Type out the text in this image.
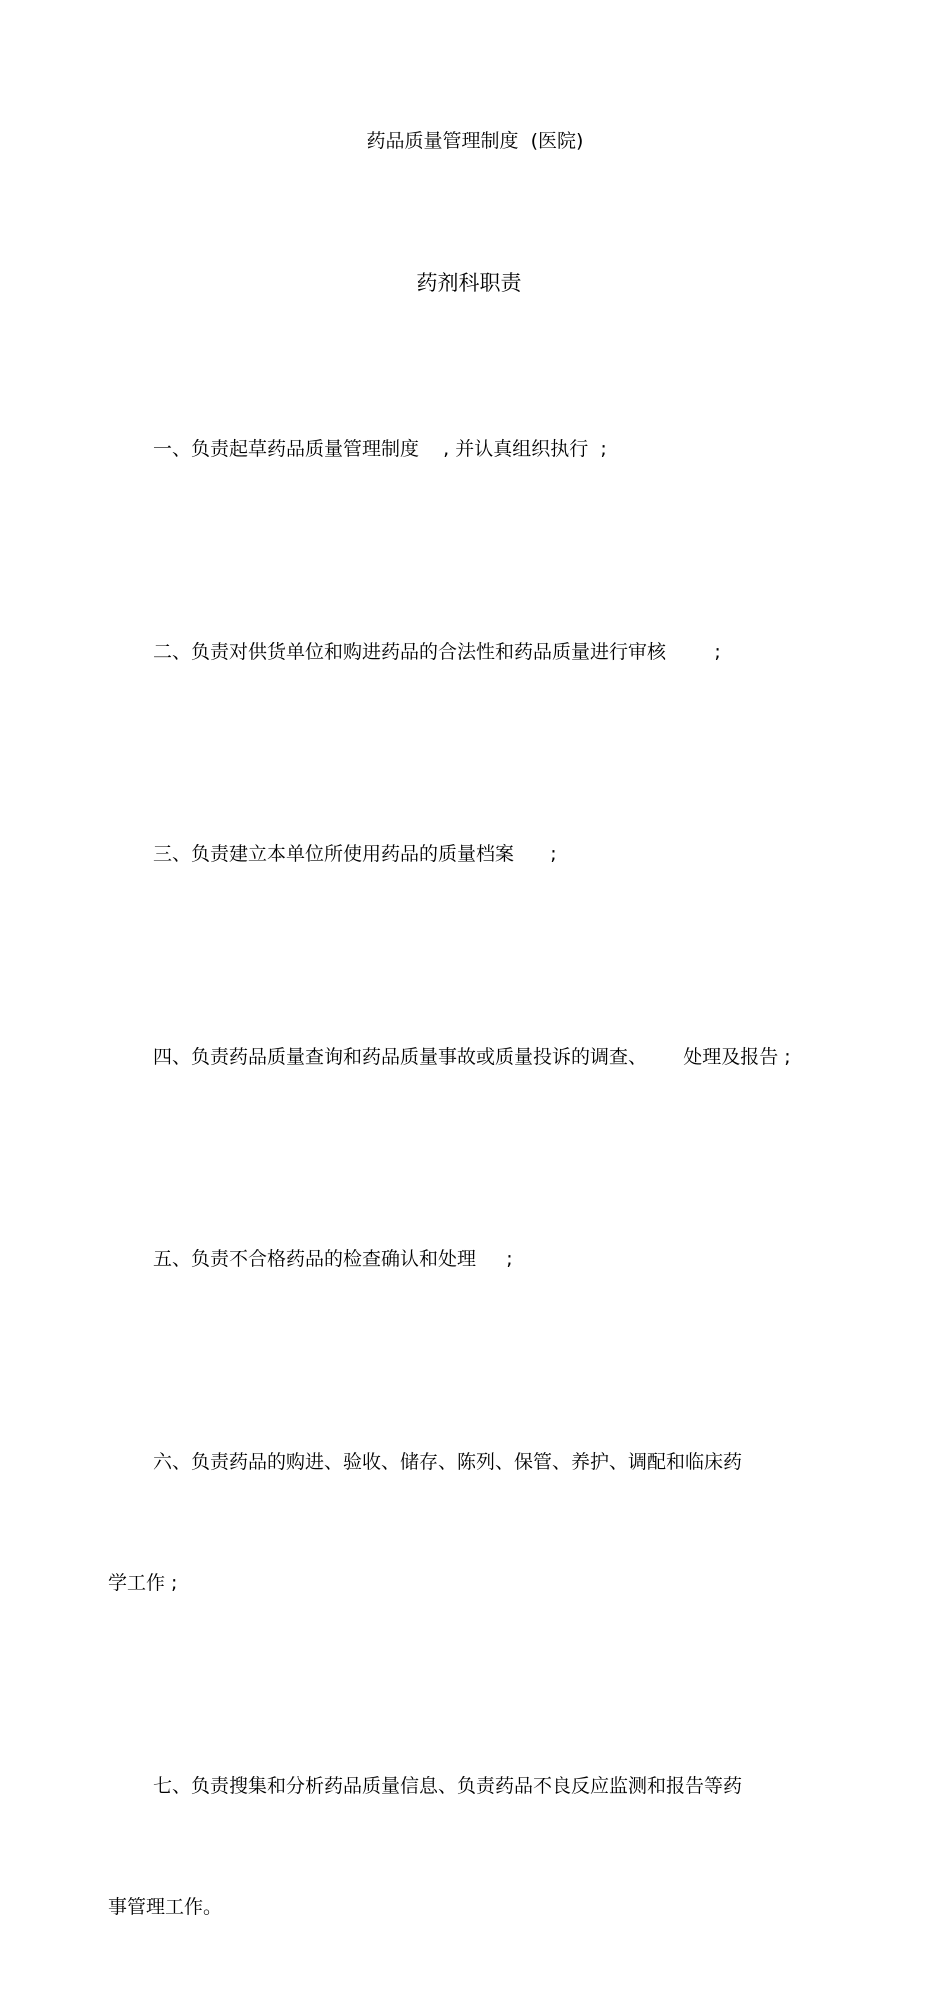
药品质量管理制度  (医院)
药剂科职责

一、负责起草药品质量管理制度    , 并认真组织执行  ;

二、负责对供货单位和购进药品的合法性和药品质量进行审核        ;

三、负责建立本单位所使用药品的质量档案      ;

四、负责药品质量查询和药品质量事故或质量投诉的调查、      处理及报告 ;

五、负责不合格药品的检查确认和处理     ;

六、负责药品的购进、验收、储存、陈列、保管、养护、调配和临床药

学工作 ;

七、负责搜集和分析药品质量信息、负责药品不良反应监测和报告等药

事管理工作。
